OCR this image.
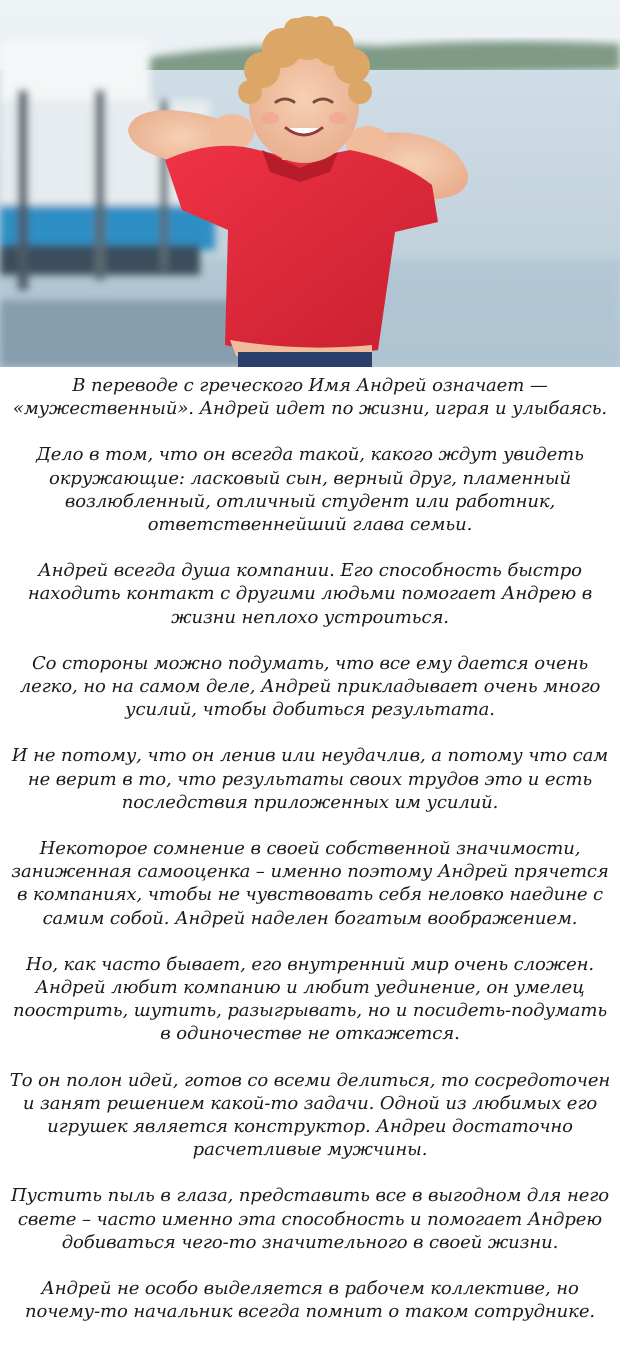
В переводе с греческого Имя Андрей означает — «мужественный». Андрей идет по жизни, играя и улыбаясь.

Дело в том, что он всегда такой, какого ждут увидеть окружающие: ласковый сын, верный друг, пламенный возлюбленный, отличный студент или работник, ответственнейший глава семьи.

Андрей всегда душа компании. Его способность быстро находить контакт с другими людьми помогает Андрею в жизни неплохо устроиться.

Со стороны можно подумать, что все ему дается очень легко, но на самом деле, Андрей прикладывает очень много усилий, чтобы добиться результата.

И не потому, что он ленив или неудачлив, а потому что сам не верит в то, что результаты своих трудов это и есть последствия приложенных им усилий.

Некоторое сомнение в своей собственной значимости, заниженная самооценка – именно поэтому Андрей прячется в компаниях, чтобы не чувствовать себя неловко наедине с самим собой. Андрей наделен богатым воображением.

Но, как часто бывает, его внутренний мир очень сложен. Андрей любит компанию и любит уединение, он умелец поострить, шутить, разыгрывать, но и посидеть-подумать в одиночестве не откажется.

То он полон идей, готов со всеми делиться, то сосредоточен и занят решением какой-то задачи. Одной из любимых его игрушек является конструктор. Андреи достаточно расчетливые мужчины.

Пустить пыль в глаза, представить все в выгодном для него свете – часто именно эта способность и помогает Андрею добиваться чего-то значительного в своей жизни.

Андрей не особо выделяется в рабочем коллективе, но почему-то начальник всегда помнит о таком сотруднике.
